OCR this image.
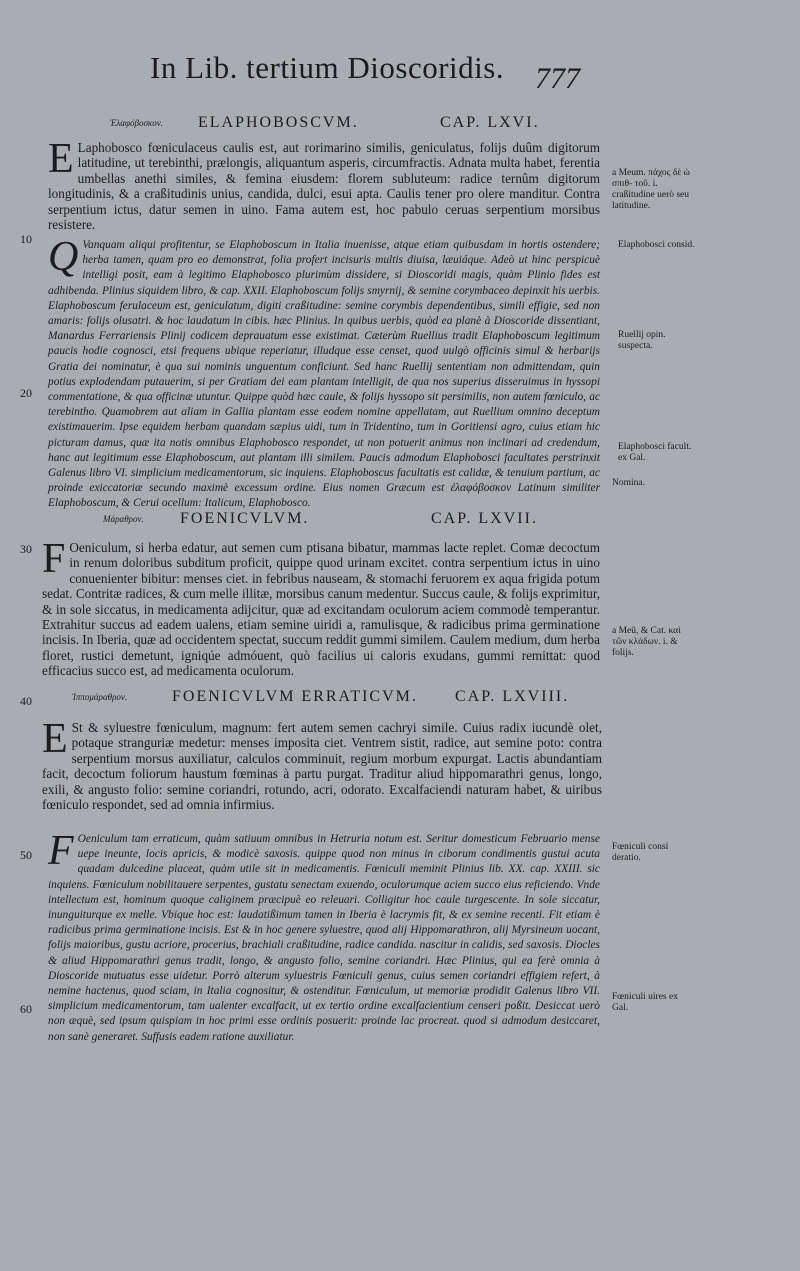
In Lib. tertium Dioscoridis. 777
Ἐλαφόβοσκον. ELAPHOBOSCVM.	CAP. LXVI.
E Laphobosco fœniculaceus caulis est, aut rorimarino similis, geniculatus, folijs duûm digitorum latitudine, ut terebinthi, prælongis, aliquantum asperis, circumfractis. Adnata multa habet, ferentia umbellas anethi similes, & femina eiusdem: florem subluteum: radice ternûm digitorum longitudinis, & a craßitudinis unius, candida, dulci, esui apta. Caulis tener pro olere manditur. Contra serpentium ictus, datur semen in uino. Fama autem est, hoc pabulo ceruas serpentium morsibus resistere.
Q Vanquam aliqui profitentur, se Elaphoboscum in Italia inuenisse, atque etiam quibusdam in hortis ostendere; herba tamen, quam pro eo demonstrat, folia profert incisuris multis diuisa, læuiáque. Adeò ut hinc perspicuè intelligi posit, eam à legitimo Elaphobosco plurimùm dissidere, si Dioscoridi magis, quàm Plinio fides est adhibenda. Plinius siquidem libro, & cap. XXII. Elaphoboscum folijs smyrnij, & semine corymbaceo depinxit his uerbis. Elaphoboscum ferulaceum est, geniculatum, digiti craßitudine: semine corymbis dependentibus, simili effigie, sed non amaris: folijs olusatri. & hoc laudatum in cibis. hæc Plinius. In quibus uerbis, quòd ea planè à Dioscoride dissentiant, Manardus Ferrariensis Plinij codicem deprauatum esse existimat. Cæterùm Ruellius tradit Elaphoboscum legitimum paucis hodie cognosci, etsi frequens ubique reperiatur, illudque esse censet, quod uulgò officinis simul & herbarijs Gratia dei nominatur, è qua sui nominis unguentum conficiunt. Sed hanc Ruellij sententiam non admittendam, quin potius explodendam putauerim, si per Gratiam dei eam plantam intelligit, de qua nos superius disseruimus in hyssopi commentatione, & qua officinæ utuntur. Quippe quòd hæc caule, & folijs hyssopo sit persimilis, non autem fœniculo, ac terebintho. Quamobrem aut aliam in Gallia plantam esse eodem nomine appellatam, aut Ruellium omnino deceptum existimauerim. Ipse equidem herbam quandam sæpius uidi, tum in Tridentino, tum in Goritiensi agro, cuius etiam hic picturam damus, quæ ita notis omnibus Elaphobosco respondet, ut non potuerit animus non inclinari ad credendum, hanc aut legitimum esse Elaphoboscum, aut plantam illi similem. Paucis admodum Elaphobosci facultates perstrinxit Galenus libro VI. simplicium medicamentorum, sic inquiens. Elaphoboscus facultatis est calidæ, & tenuium partium, ac proinde exiccatoriæ secundo maximè excessum ordine. Eius nomen Græcum est ἐλαφόβοσκον Latinum similiter Elaphoboscum, & Cerui ocellum: Italicum, Elaphobosco.
Μάραθρον. FOENICVLVM.	CAP. LXVII.
F Oeniculum, si herba edatur, aut semen cum ptisana bibatur, mammas lacte replet. Comæ decoctum in renum doloribus subditum proficit, quippe quod urinam excitet. contra serpentium ictus in uino conuenienter bibitur: menses ciet. in febribus nauseam, & stomachi feruorem ex aqua frigida potum sedat. Contritæ radices, & cum melle illitæ, morsibus canum medentur. Succus caule, & folijs exprimitur, & in sole siccatus, in medicamenta adijcitur, quæ ad excitandam oculorum aciem commodè temperantur. Extrahitur succus ad eadem ualens, etiam semine uiridi a, ramulisque, & radicibus prima germinatione incisis. In Iberia, quæ ad occidentem spectat, succum reddit gummi similem. Caulem medium, dum herba floret, rustici demetunt, igniqúe admóuent, quò facilius ui caloris exudans, gummi remittat: quod efficacius succo est, ad medicamenta oculorum.
Ἱππομάραθρον.	FOENICVLVM ERRATICVM. CAP. LXVIII.
E St & syluestre fœniculum, magnum: fert autem semen cachryi simile. Cuius radix iucundè olet, potaque stranguriæ medetur: menses imposita ciet. Ventrem sistit, radice, aut semine poto: contra serpentium morsus auxiliatur, calculos comminuit, regium morbum expurgat. Lactis abundantiam facit, decoctum foliorum haustum fœminas à partu purgat. Traditur aliud hippomarathri genus, longo, exili, & angusto folio: semine coriandri, rotundo, acri, odorato. Excalfaciendi naturam habet, & uiribus fœniculo respondet, sed ad omnia infirmius.
F Oeniculum tam erraticum, quàm satiuum omnibus in Hetruria notum est. Seritur domesticum Februario mense ueре ineunte, locis apricis, & modicè saxosis. quippe quod non minus in ciborum condimentis gustui acuta quadam dulcedine placeat, quàm utile sit in medicamentis. Fœniculi meminit Plinius lib. XX. cap. XXIII. sic inquiens. Fœniculum nobilitauere serpentes, gustatu senectam exuendo, oculorumque aciem succo eius reficiendo. Vnde intellectum est, hominum quoque caliginem præcipuè eo releuari. Colligitur hoc caule turgescente. In sole siccatur, inunguiturque ex melle. Vbique hoc est: laudatißimum tamen in Iberia è lacrymis fit, & ex semine recenti. Fit etiam è radicibus prima germinatione incisis. Est & in hoc genere syluestre, quod alij Hippomarathron, alij Myrsineum uocant, folijs maioribus, gustu acriore, procerius, brachiali craßitudine, radice candida. nascitur in calidis, sed saxosis. Diocles & aliud Hippomarathri genus tradit, longo, & angusto folio, semine coriandri. Hæc Plinius, qui ea ferè omnia à Dioscoride mutuatus esse uidetur. Porrò alterum syluestris Fœniculi genus, cuius semen coriandri effigiem refert, à nemine hactenus, quod sciam, in Italia cognositur, & ostenditur. Fœniculum, ut memoriæ prodidit Galenus libro VII. simplicium medicamentorum, tam ualenter excalfacit, ut ex tertio ordine excalfacientium censeri poßit. Desiccat uerò non æquè, sed ipsum quispiam in hoc primi esse ordinis posuerit: proinde lac procreat. quod si admodum desiccaret, non sanè generaret. Suffusis eadem ratione auxiliatur.
a Meum. πάχος δὲ ὡ σπιθ- τοῦ. i. craßitudine uerò seu latitudine.
Elaphobosci consid.
Ruellij opin. suspecta.
Elaphobosci facult. ex Gal.
Nomina.
a Meû, & Cat. καὶ τῶν κλάδων. i. & folijs.
Fœniculi consi deratio.
Fœniculi uires ex Gal.
10
20
30
40
50
60
